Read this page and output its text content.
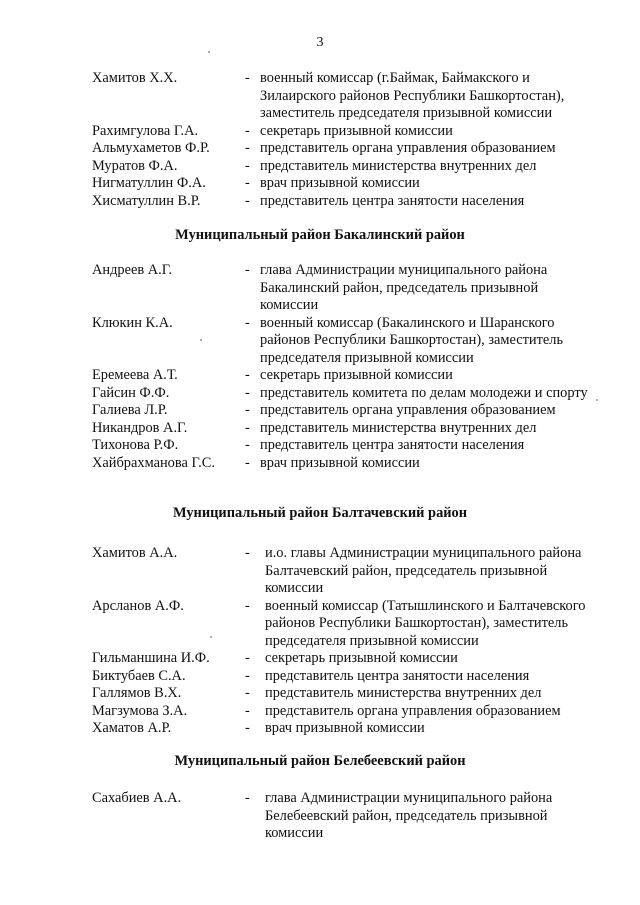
3
Хамитов Х.Х.	- военный комиссар (г.Баймак, Баймакского и Зилаирского районов Республики Башкортостан), заместитель председателя призывной комиссии
Рахимгулова Г.А.	- секретарь призывной комиссии
Альмухаметов Ф.Р. - представитель органа управления образованием
Муратов Ф.А.	- представитель министерства внутренних дел
Нигматуллин Ф.А.	- врач призывной комиссии
Хисматуллин В.Р.	- представитель центра занятости населения
Муниципальный район Бакалинский район
Андреев А.Г.	- глава Администрации муниципального района Бакалинский район, председатель призывной комиссии
Клюкин К.А.	- военный комиссар (Бакалинского и Шаранского районов Республики Башкортостан), заместитель председателя призывной комиссии
Еремеева А.Т.	- секретарь призывной комиссии
Гайсин Ф.Ф.	- представитель комитета по делам молодежи и спорту
Галиева Л.Р.	- представитель органа управления образованием
Никандров А.Г.	- представитель министерства внутренних дел
Тихонова Р.Ф.	- представитель центра занятости населения
Хайбрахманова Г.С. - врач призывной комиссии
Муниципальный район Балтачевский район
Хамитов А.А.	- и.о. главы Администрации муниципального района Балтачевский район, председатель призывной комиссии
Арсланов А.Ф.	- военный комиссар (Татышлинского и Балтачевского районов Республики Башкортостан), заместитель председателя призывной комиссии
Гильманшина И.Ф. - секретарь призывной комиссии
Биктубаев С.А.	- представитель центра занятости населения
Галлямов В.Х.	- представитель министерства внутренних дел
Магзумова З.А.	- представитель органа управления образованием
Хаматов А.Р.	- врач призывной комиссии
Муниципальный район Белебеевский район
Сахабиев А.А.	- глава Администрации муниципального района Белебеевский район, председатель призывной комиссии
